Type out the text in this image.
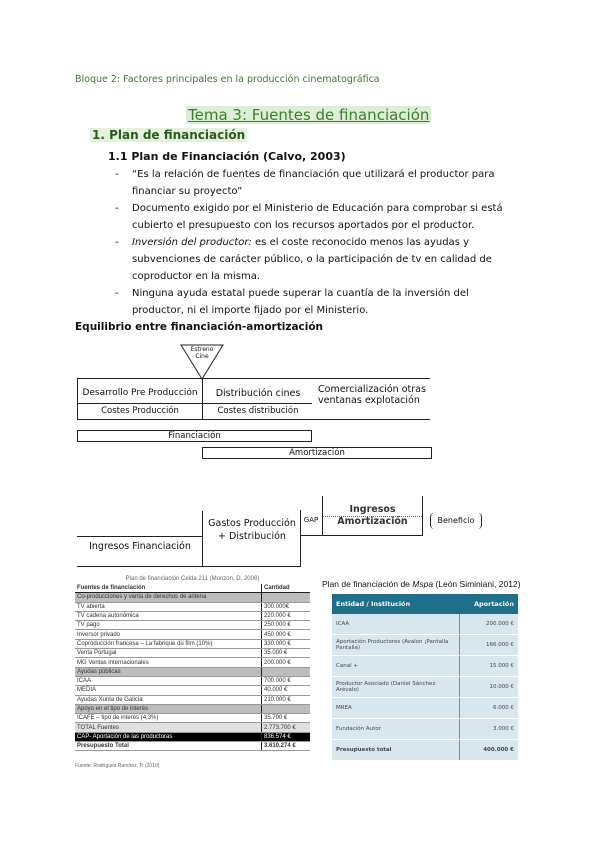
Bloque 2: Factores principales en la producción cinematográfica
Tema 3: Fuentes de financiación
1. Plan de financiación
1.1 Plan de Financiación (Calvo, 2003)
- “Es la relación de fuentes de financiación que utilizará el productor para financiar su proyecto”
- Documento exigido por el Ministerio de Educación para comprobar si está cubierto el presupuesto con los recursos aportados por el productor.
- Inversión del productor: es el coste reconocido menos las ayudas y subvenciones de carácter público, o la participación de tv en calidad de coproductor en la misma.
- Ninguna ayuda estatal puede superar la cuantía de la inversión del productor, ni el importe fijado por el Ministerio.
Equilibrio entre financiación-amortización
Estreno Cine
Desarrollo Pre Producción	Distribución cines	Comercialización otras ventanas explotación
Costes Producción	Costes distribución
Financiación
Amortización
Ingresos Financiación
Gastos Producción + Distribución
GAP
Ingresos
Amortización	Beneficio
Plan de financiación Celda 211 (Monzon, D. 2006)
Fuentes de financiación	Cantidad
Co-producciones y venta de derechos de antena	
TV abierta	300.000€
TV cadena autonómica	220.000 €
TV pago	250.000 €
Inversor privado	450.000 €
Coproducción francesa – La fabrique du film (10%)	330.000 €
Venta Portugal	35.000 €
MG Ventas internacionales	200.000 €
Ayudas públicas	
ICAA	700.000 €
MEDIA	40.000 €
Ayudas Xunta de Galicia	210.000 €
Apoyo en el tipo de interés	
ICAFE – tipo de interés (4,3%)	35.700 €
TOTAL Fuentes	2.773.700 €
CAP- Aportación de las productoras	836.574 €
Presupuesto Total	3.610.274 €
Fuente: Rodríguez Ramírez, P. (2010)
Plan de financiación de Mspa (León Siminiani, 2012)
Entidad / Institución	Aportación
ICAA	200.000 €
Aportación Productores (Avalon ¡Pantalla Pantalla)	166.000 €
Canal +	15.000 €
Productor Asociado (Daniel Sánchez Arévalo)	10.000 €
MREA	6.000 €
Fundación Autor	3.000 €
Presupuesto total	400.000 €
